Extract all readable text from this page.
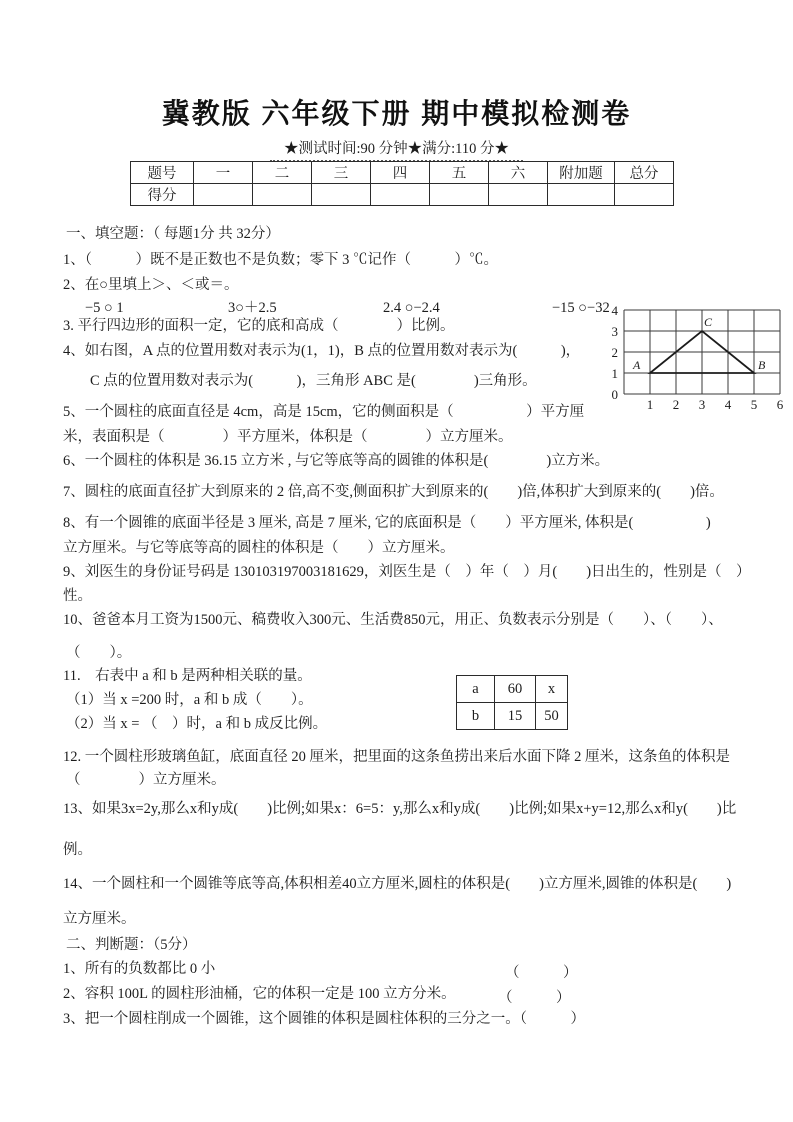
冀教版 六年级下册 期中模拟检测卷
★测试时间:90 分钟★满分:110 分★
题号	一	二	三	四	五	六	附加题	总分
得分								
一、填空题：（ 每题1分 共 32分）
1、（　　　）既不是正数也不是负数；零下 3 ℃记作（　　　）℃。
2、在○里填上＞、＜或＝。
−5 ○ 1	3○＋2.5	2.4 ○−2.4	−15 ○−32
3. 平行四边形的面积一定，它的底和高成（　　　　）比例。
4、如右图，A 点的位置用数对表示为(1，1)，B 点的位置用数对表示为(　　　)，
C 点的位置用数对表示为(　　　)，三角形 ABC 是(　　　　)三角形。
5、一个圆柱的底面直径是 4cm，高是 15cm，它的侧面积是（　　　　　）平方厘
米，表面积是（　　　　）平方厘米，体积是（　　　　）立方厘米。
6、一个圆柱的体积是 36.15 立方米 , 与它等底等高的圆锥的体积是(　　　　)立方米。
7、圆柱的底面直径扩大到原来的 2 倍,高不变,侧面积扩大到原来的(　　)倍,体积扩大到原来的(　　)倍。
8、有一个圆锥的底面半径是 3 厘米, 高是 7 厘米, 它的底面积是（　　）平方厘米, 体积是(　　　　　)
立方厘米。与它等底等高的圆柱的体积是（　　）立方厘米。
9、刘医生的身份证号码是 130103197003181629，刘医生是（　）年（　）月(　　)日出生的，性别是（　）
性。
10、爸爸本月工资为1500元、稿费收入300元、生活费850元，用正、负数表示分别是（　　）、（　　）、
（　　）。
11.　右表中 a 和 b 是两种相关联的量。
（1）当 x =200 时，a 和 b 成（　　）。
（2）当 x = （　）时，a 和 b 成反比例。
12. 一个圆柱形玻璃鱼缸，底面直径 20 厘米，把里面的这条鱼捞出来后水面下降 2 厘米，这条鱼的体积是
（　　　　）立方厘米。
13、如果3x=2y,那么x和y成(　　)比例;如果x：6=5：y,那么x和y成(　　)比例;如果x+y=12,那么x和y(　　)比
例。
14、一个圆柱和一个圆锥等底等高,体积相差40立方厘米,圆柱的体积是(　　)立方厘米,圆锥的体积是(　　)
立方厘米。
二、判断题：（5分）
1、所有的负数都比 0 小	（　　　）
2、容积 100L 的圆柱形油桶，它的体积一定是 100 立方分米。	（　　　）
3、把一个圆柱削成一个圆锥，这个圆锥的体积是圆柱体积的三分之一。（　　　）
a	60	x
b	15	50
4
3
2
1
0
1 2 3 4 5 6
A	B
C
